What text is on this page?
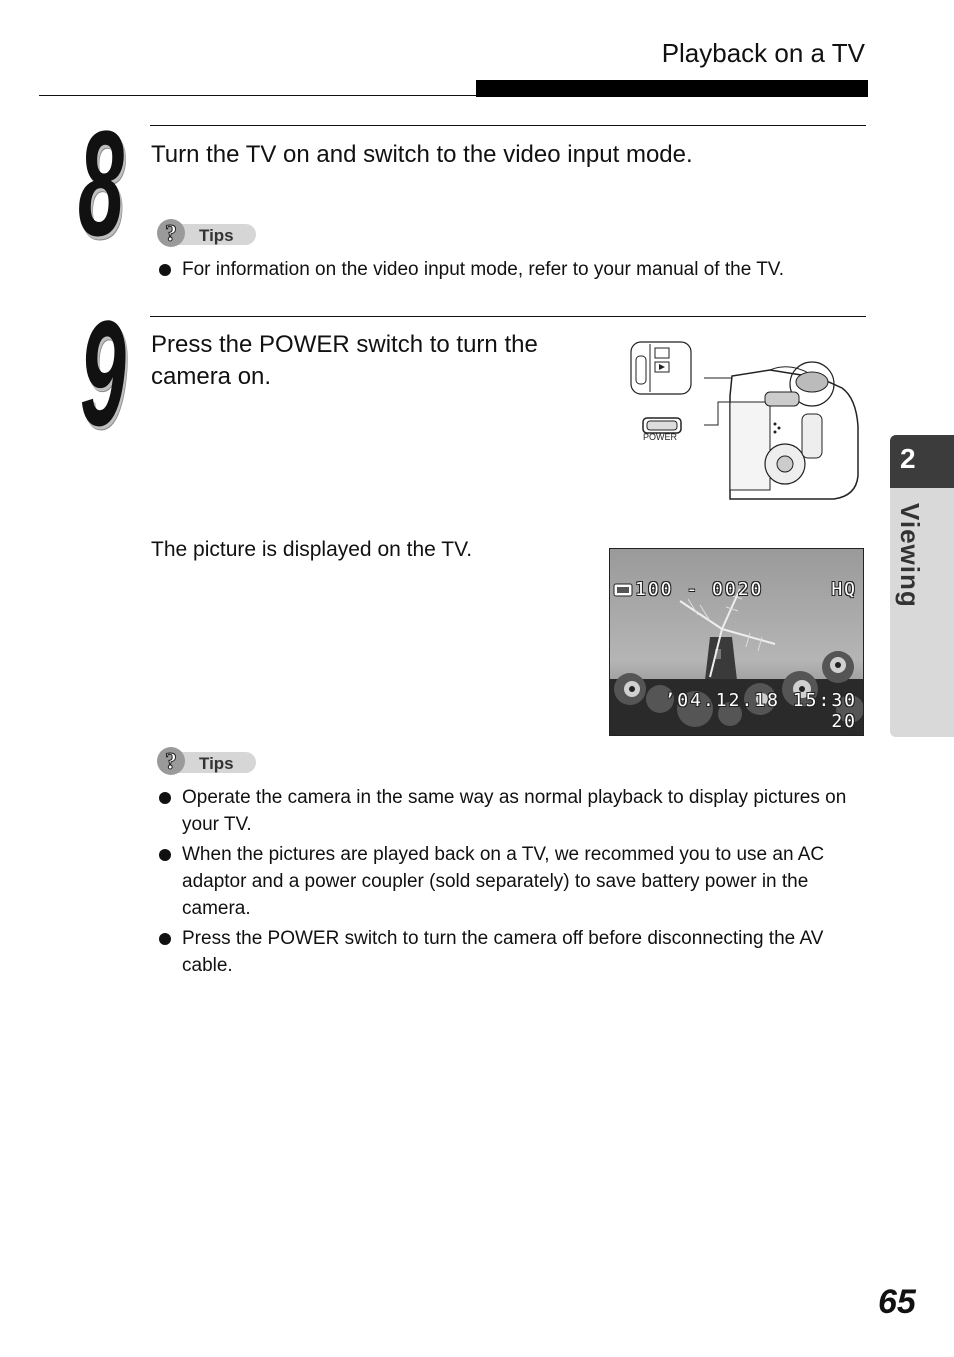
Playback on a TV
8 Turn the TV on and switch to the video input mode.
? Tips
For information on the video input mode, refer to your manual of the TV.
9 Press the POWER switch to turn the
camera on.
POWER
The picture is displayed on the TV.
100 - 0020	HQ
’04.12.18 15:30
20
? Tips
Operate the camera in the same way as normal playback to display pictures on your TV.
When the pictures are played back on a TV, we recommed you to use an AC adaptor and a power coupler (sold separately) to save battery power in the camera.
Press the POWER switch to turn the camera off before disconnecting the AV cable.
2
Viewing
65
